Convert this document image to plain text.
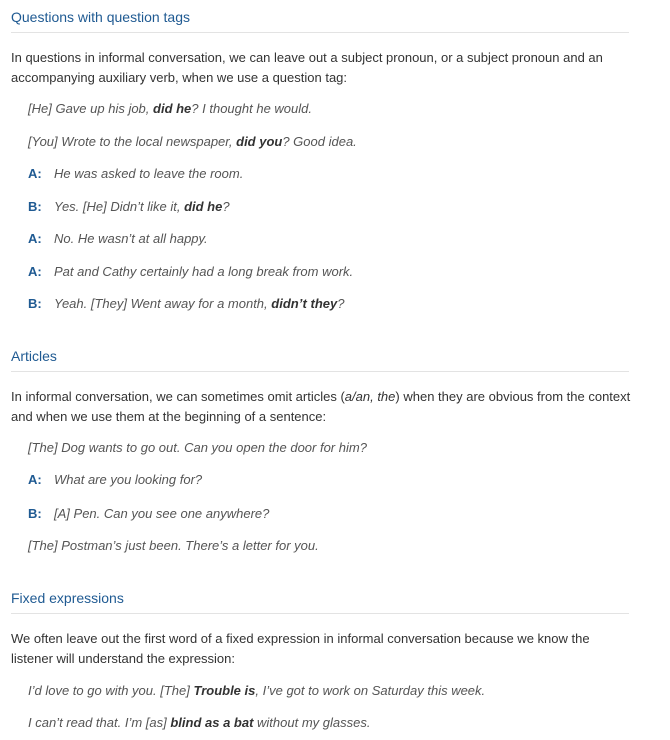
Questions with question tags
In questions in informal conversation, we can leave out a subject pronoun, or a subject pronoun and an accompanying auxiliary verb, when we use a question tag:
[He] Gave up his job, did he? I thought he would.
[You] Wrote to the local newspaper, did you? Good idea.
A: He was asked to leave the room.
B: Yes. [He] Didn’t like it, did he?
A: No. He wasn’t at all happy.
A: Pat and Cathy certainly had a long break from work.
B: Yeah. [They] Went away for a month, didn’t they?
Articles
In informal conversation, we can sometimes omit articles (a/an, the) when they are obvious from the context and when we use them at the beginning of a sentence:
[The] Dog wants to go out. Can you open the door for him?
A: What are you looking for?
B: [A] Pen. Can you see one anywhere?
[The] Postman’s just been. There’s a letter for you.
Fixed expressions
We often leave out the first word of a fixed expression in informal conversation because we know the listener will understand the expression:
I’d love to go with you. [The] Trouble is, I’ve got to work on Saturday this week.
I can’t read that. I’m [as] blind as a bat without my glasses.
